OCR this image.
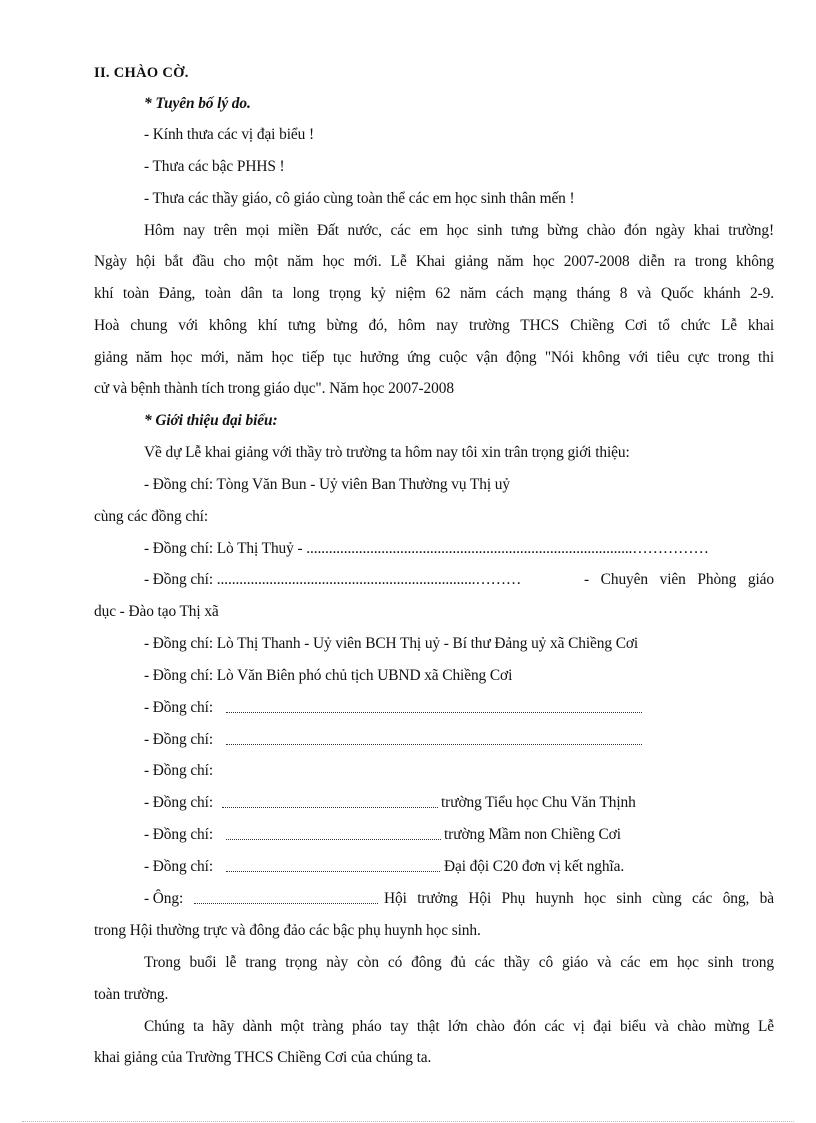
II. CHÀO CỜ.
* Tuyên bố lý do.
- Kính thưa các vị đại biểu !
- Thưa các bậc PHHS !
- Thưa các thầy giáo, cô giáo cùng toàn thể các em học sinh thân mến !
Hôm nay trên mọi miền Đất nước, các em học sinh tưng bừng chào đón ngày khai trường!
Ngày hội bắt đầu cho một năm học mới. Lễ Khai giảng năm học 2007-2008 diễn ra trong không
khí toàn Đảng, toàn dân ta long trọng kỷ niệm 62 năm cách mạng tháng 8 và Quốc khánh 2-9.
Hoà chung với không khí tưng bừng đó, hôm nay trường THCS Chiềng Cơi tổ chức Lễ khai
giảng năm học mới, năm học tiếp tục hưởng ứng cuộc vận động "Nói không với tiêu cực trong thi
cử và bệnh thành tích trong giáo dục". Năm học 2007-2008
* Giới thiệu đại biểu:
Về dự Lễ khai giảng với thầy trò trường ta hôm nay tôi xin trân trọng giới thiệu:
- Đồng chí: Tòng Văn Bun - Uỷ viên Ban Thường vụ Thị uỷ
cùng các đồng chí:
- Đồng chí: Lò Thị Thuỷ - .......................................................................................……………
- Đồng chí: .....................................................................………	- Chuyên viên Phòng giáo
dục - Đào tạo Thị xã
- Đồng chí: Lò Thị Thanh - Uỷ viên BCH Thị uỷ - Bí thư Đảng uỷ xã Chiềng Cơi
- Đồng chí: Lò Văn Biên phó chủ tịch UBND xã Chiềng Cơi
- Đồng chí:
- Đồng chí:
- Đồng chí:
- Đồng chí:	trường Tiểu học Chu Văn Thịnh
- Đồng chí:	trường Mầm non Chiềng Cơi
- Đồng chí:	Đại đội C20 đơn vị kết nghĩa.
- Ông:	Hội trưởng Hội Phụ huynh học sinh cùng các ông, bà
trong Hội thường trực và đông đảo các bậc phụ huynh học sinh.
Trong buổi lễ trang trọng này còn có đông đủ các thầy cô giáo và các em học sinh trong
toàn trường.
Chúng ta hãy dành một tràng pháo tay thật lớn chào đón các vị đại biểu và chào mừng Lễ
khai giảng của Trường THCS Chiềng Cơi của chúng ta.
